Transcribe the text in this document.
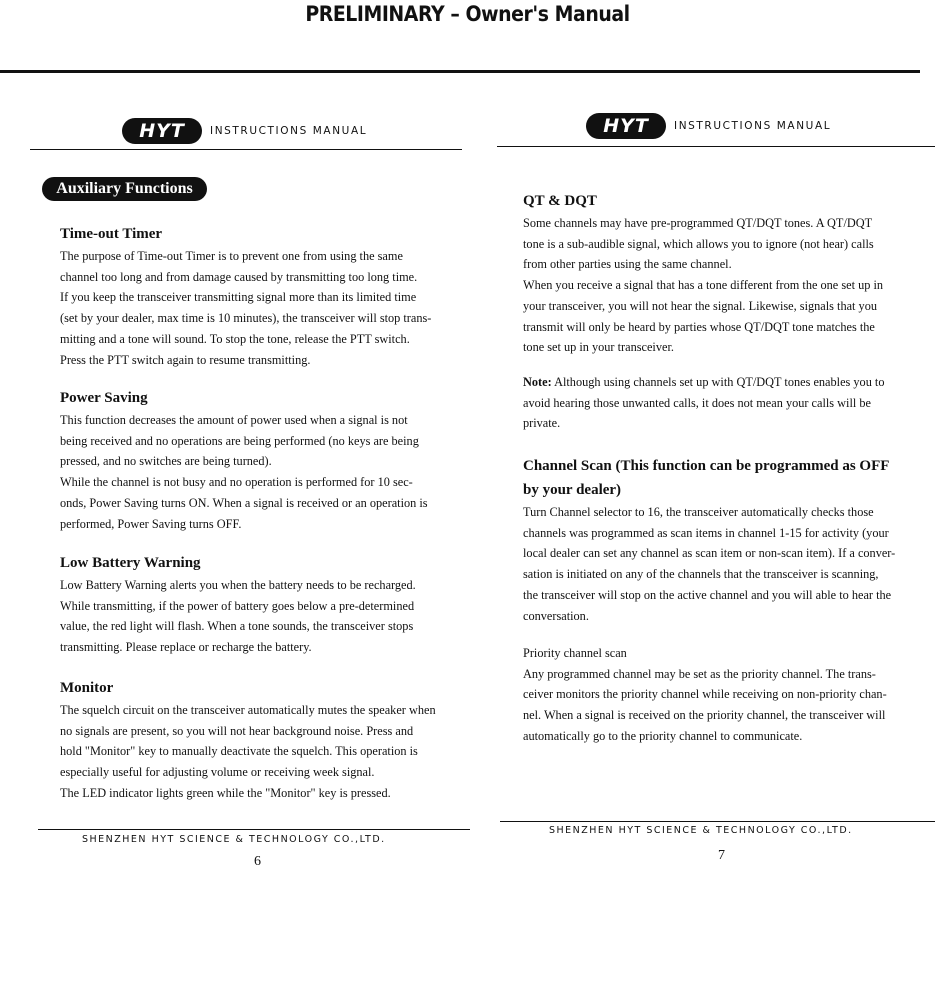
PRELIMINARY – Owner's Manual
HYT	INSTRUCTIONS MANUAL
Auxiliary Functions
Time-out Timer
The purpose of Time-out Timer is to prevent one from using the same
channel too long and from damage caused by transmitting too long time.
If you keep the transceiver transmitting signal more than its limited time
(set by your dealer, max time is 10 minutes), the transceiver will stop trans-
mitting and a tone will sound. To stop the tone, release the PTT switch.
Press the PTT switch again to resume transmitting.
Power Saving
This function decreases the amount of power used when a signal is not
being received and no operations are being performed (no keys are being
pressed, and no switches are being turned).
While the channel is not busy and no operation is performed for 10 sec-
onds, Power Saving turns ON. When a signal is received or an operation is
performed, Power Saving turns OFF.
Low Battery Warning
Low Battery Warning alerts you when the battery needs to be recharged.
While transmitting, if the power of battery goes below a pre-determined
value, the red light will flash. When a tone sounds, the transceiver stops
transmitting. Please replace or recharge the battery.
Monitor
The squelch circuit on the transceiver automatically mutes the speaker when
no signals are present, so you will not hear background noise. Press and
hold "Monitor" key to manually deactivate the squelch. This operation is
especially useful for adjusting volume or receiving week signal.
The LED indicator lights green while the "Monitor" key is pressed.
SHENZHEN HYT SCIENCE & TECHNOLOGY CO.,LTD.
6
HYT	INSTRUCTIONS MANUAL
QT & DQT
Some channels may have pre-programmed QT/DQT tones. A QT/DQT
tone is a sub-audible signal, which allows you to ignore (not hear) calls
from other parties using the same channel.
When you receive a signal that has a tone different from the one set up in
your transceiver, you will not hear the signal. Likewise, signals that you
transmit will only be heard by parties whose QT/DQT tone matches the
tone set up in your transceiver.
Note: Although using channels set up with QT/DQT tones enables you to
avoid hearing those unwanted calls, it does not mean your calls will be
private.
Channel Scan (This function can be programmed as OFF
by your dealer)
Turn Channel selector to 16, the transceiver automatically checks those
channels was programmed as scan items in channel 1-15 for activity (your
local dealer can set any channel as scan item or non-scan item). If a conver-
sation is initiated on any of the channels that the transceiver is scanning,
the transceiver will stop on the active channel and you will able to hear the
conversation.
Priority channel scan
Any programmed channel may be set as the priority channel. The trans-
ceiver monitors the priority channel while receiving on non-priority chan-
nel. When a signal is received on the priority channel, the transceiver will
automatically go to the priority channel to communicate.
SHENZHEN HYT SCIENCE & TECHNOLOGY CO.,LTD.
7
